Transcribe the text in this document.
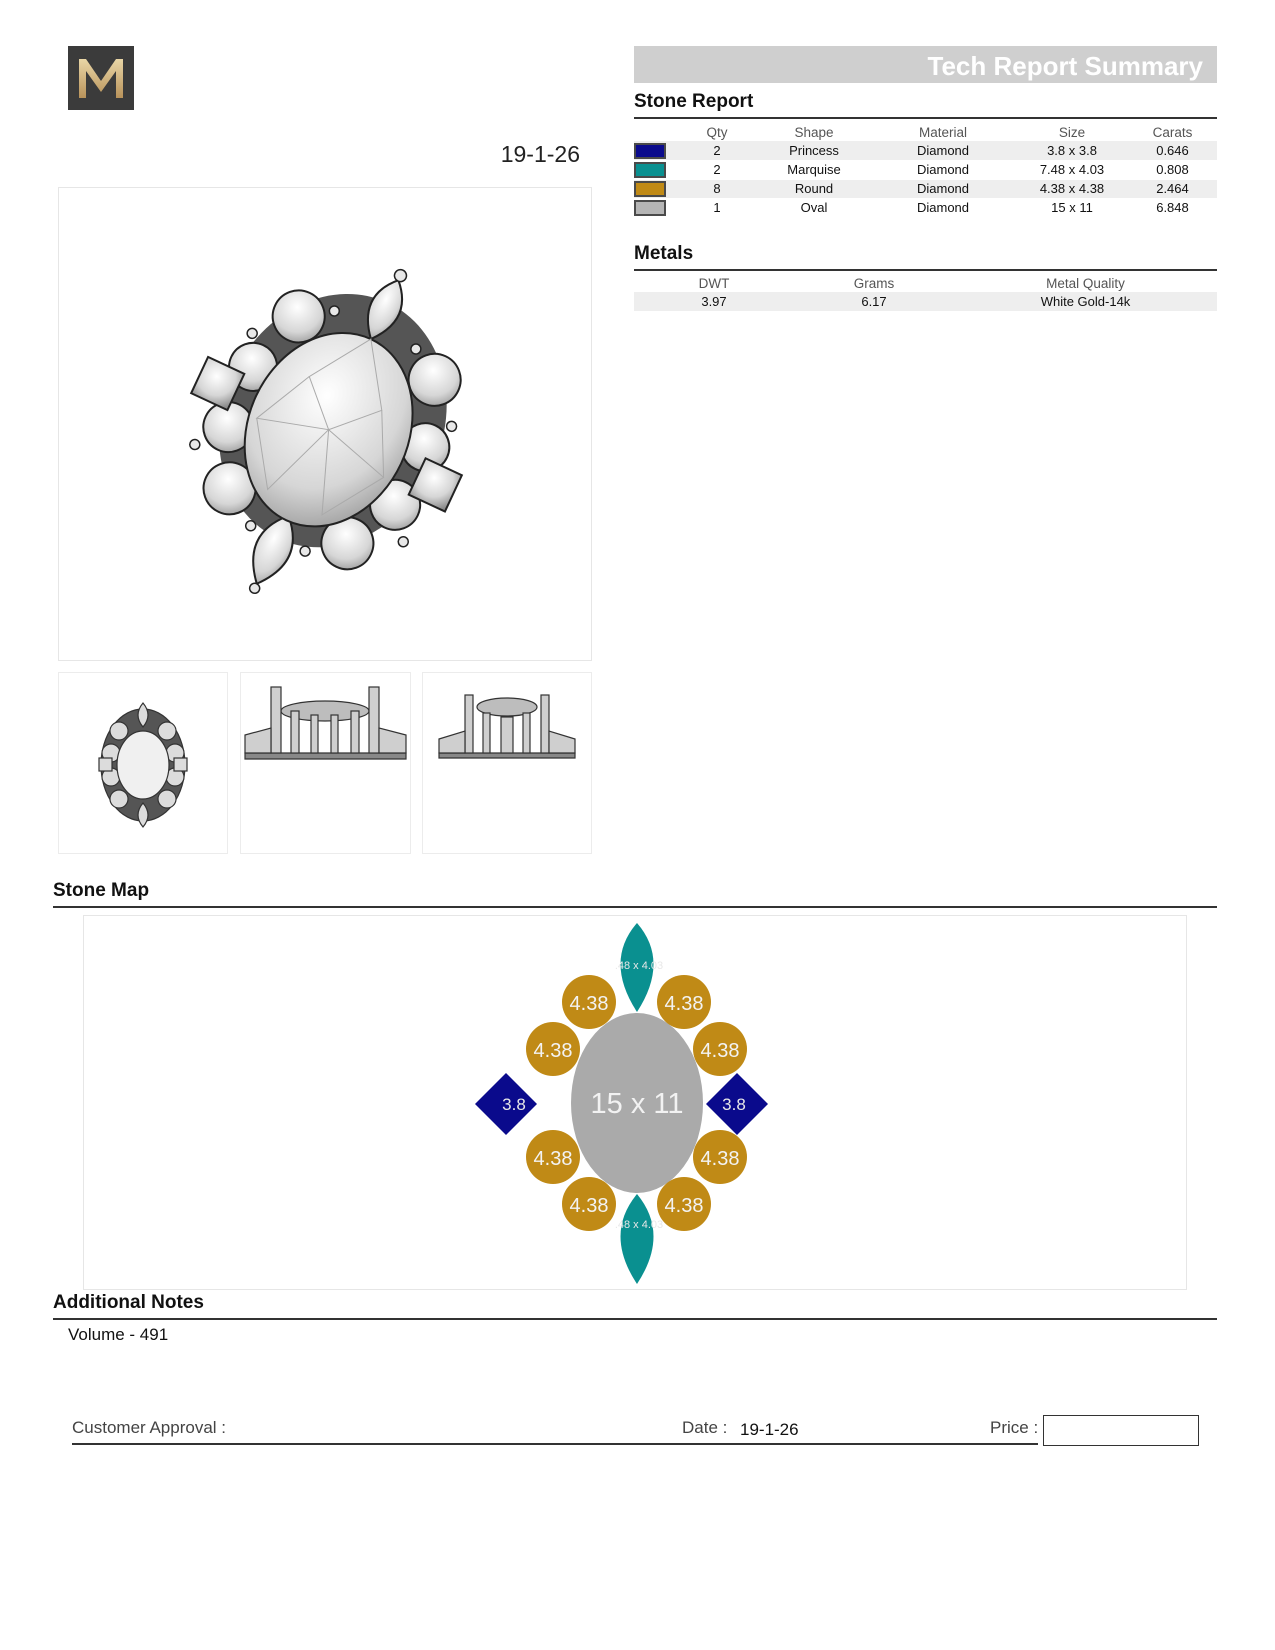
19-1-26
Tech Report Summary
Stone Report
	Qty	Shape	Material	Size	Carats
	2	Princess	Diamond	3.8 x 3.8	0.646
	2	Marquise	Diamond	7.48 x 4.03	0.808
	8	Round	Diamond	4.38 x 4.38	2.464
	1	Oval	Diamond	15 x 11	6.848
Metals
DWT	Grams	Metal Quality
3.97	6.17	White Gold-14k
Stone Map
4.38	4.38
4.38	4.38
4.38	4.38
4.38	4.38
3.8	3.8
.48 x 4.03
.48 x 4.03
15 x 11
Additional Notes
Volume - 491
Customer Approval :	Date : 19-1-26	Price :
